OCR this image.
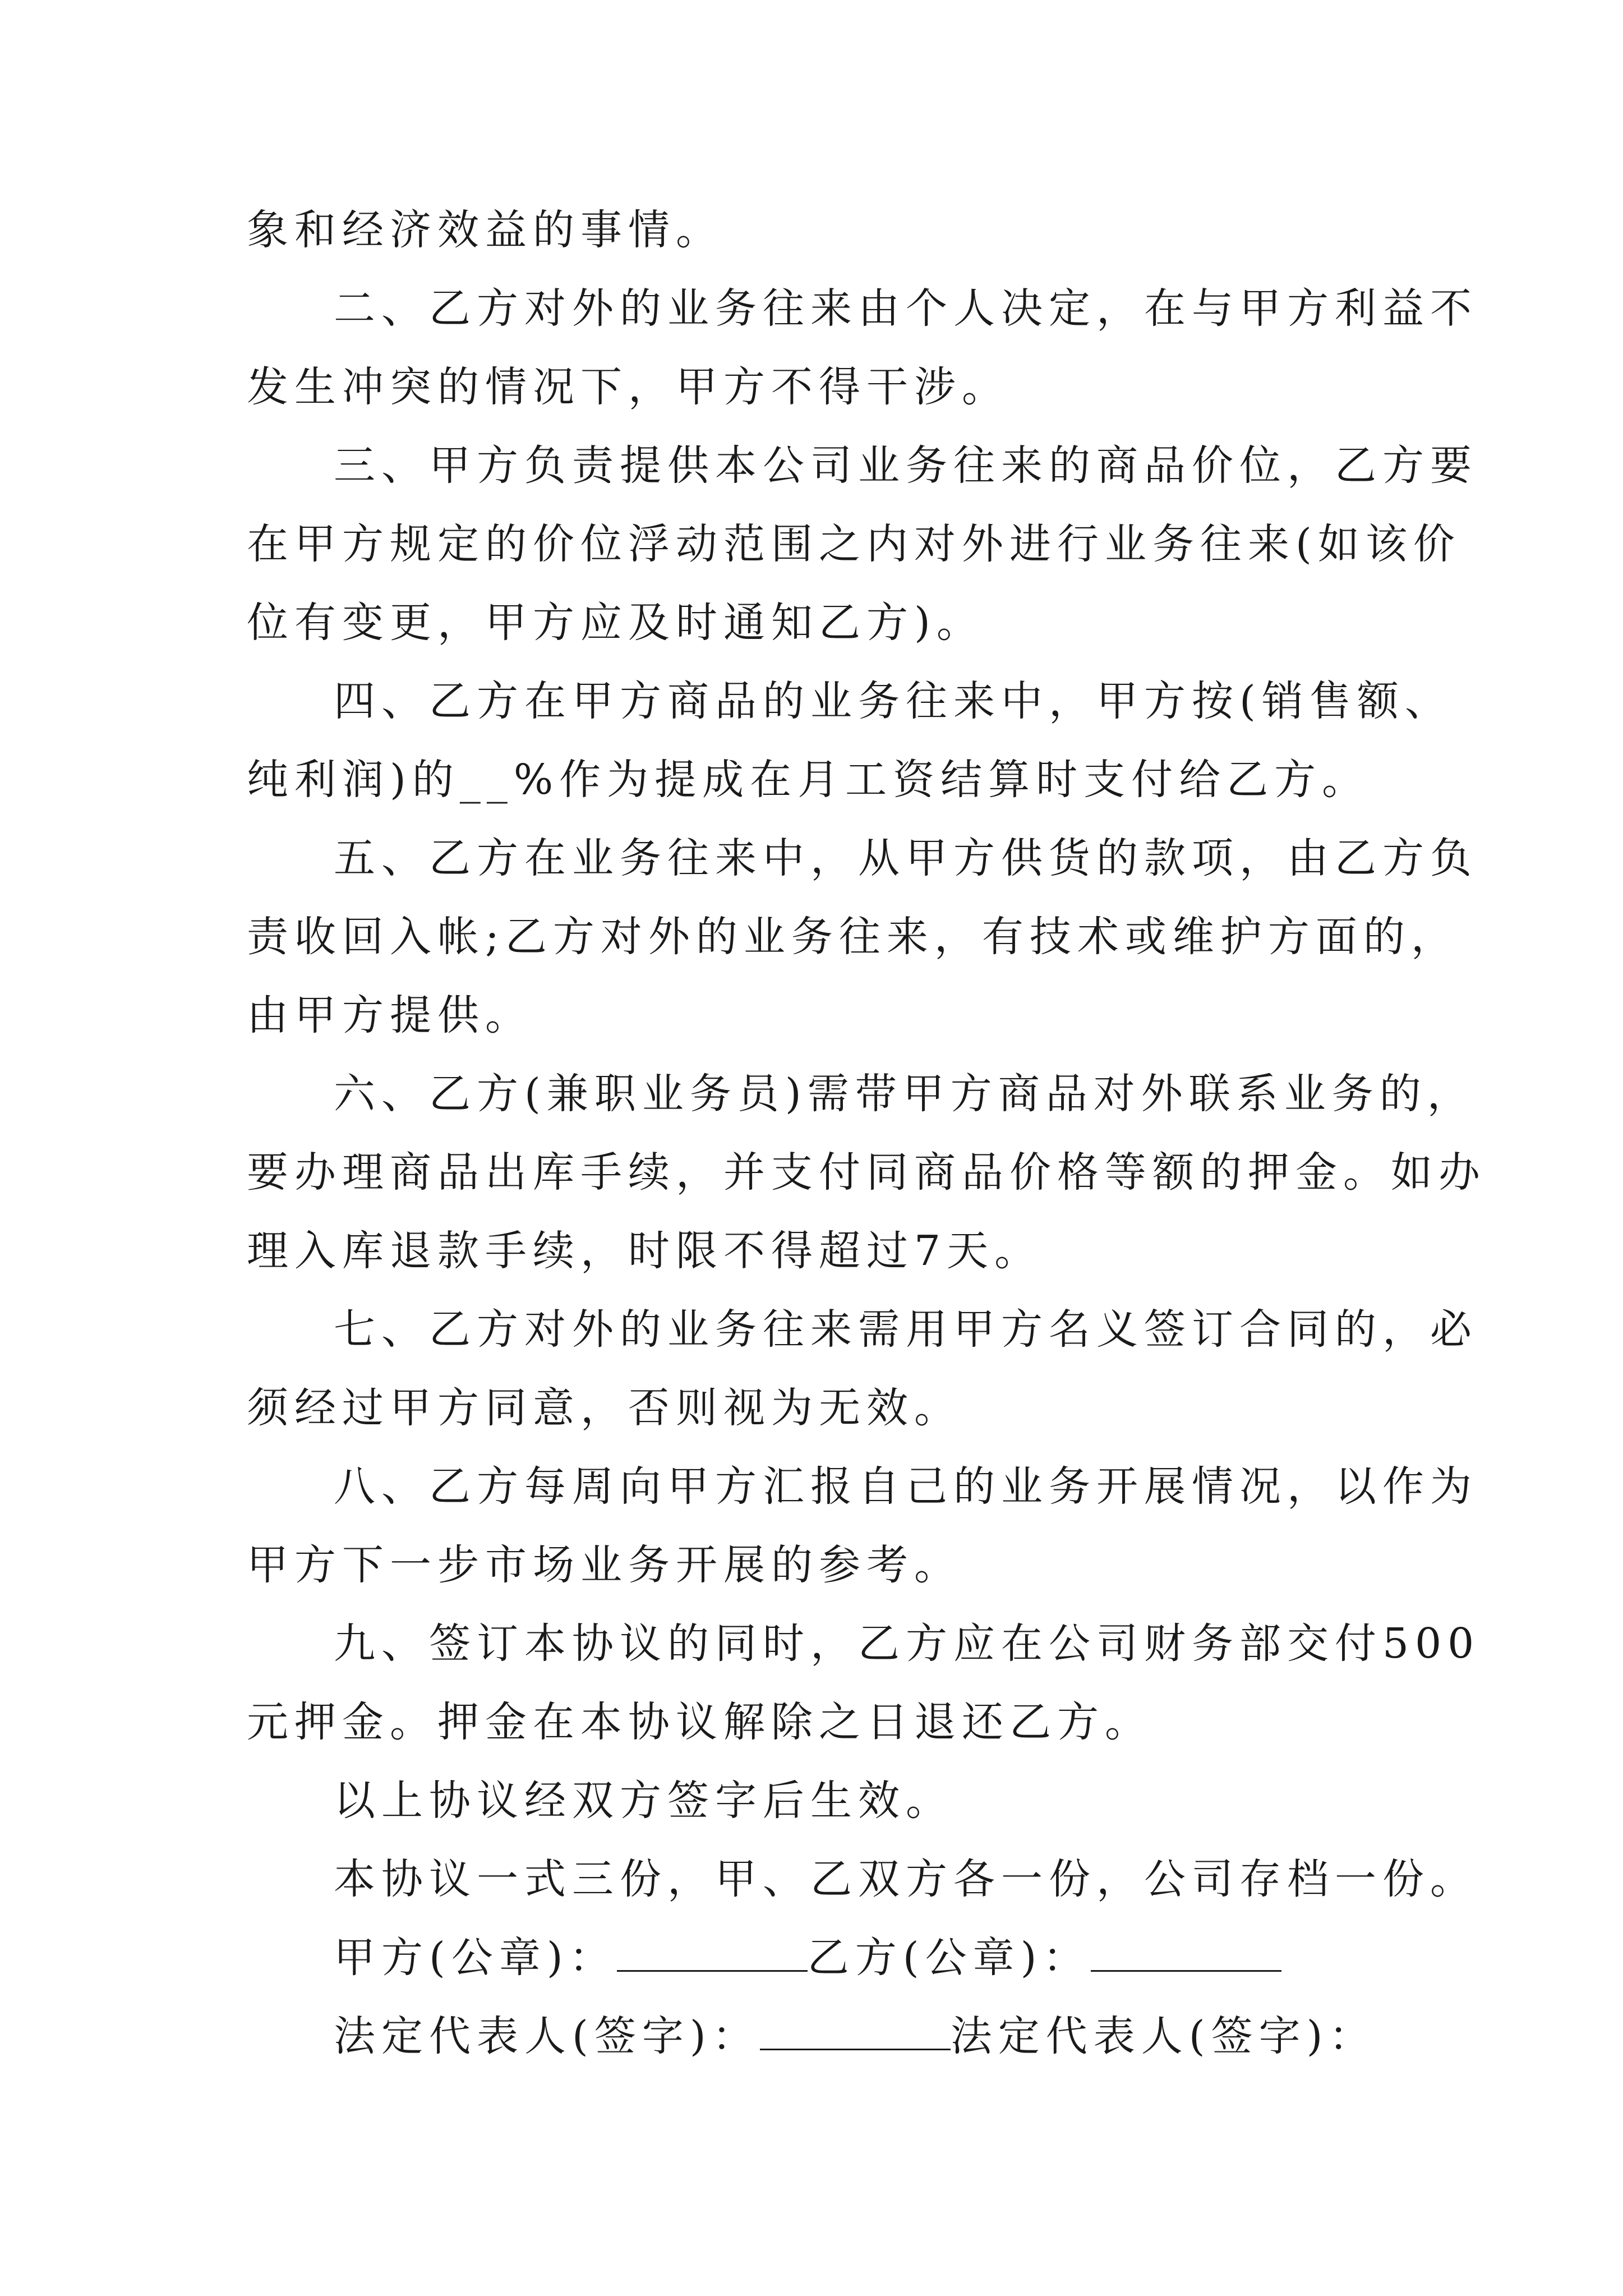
象和经济效益的事情。
二、乙方对外的业务往来由个人决定，在与甲方利益不
发生冲突的情况下，甲方不得干涉。
三、甲方负责提供本公司业务往来的商品价位，乙方要
在甲方规定的价位浮动范围之内对外进行业务往来(如该价
位有变更，甲方应及时通知乙方)。
四、乙方在甲方商品的业务往来中，甲方按(销售额、
纯利润)的__%作为提成在月工资结算时支付给乙方。
五、乙方在业务往来中，从甲方供货的款项，由乙方负
责收回入帐;乙方对外的业务往来，有技术或维护方面的，
由甲方提供。
六、乙方(兼职业务员)需带甲方商品对外联系业务的，
要办理商品出库手续，并支付同商品价格等额的押金。如办
理入库退款手续，时限不得超过7天。
七、乙方对外的业务往来需用甲方名义签订合同的，必
须经过甲方同意，否则视为无效。
八、乙方每周向甲方汇报自己的业务开展情况，以作为
甲方下一步市场业务开展的参考。
九、签订本协议的同时，乙方应在公司财务部交付500
元押金。押金在本协议解除之日退还乙方。
以上协议经双方签字后生效。
本协议一式三份，甲、乙双方各一份，公司存档一份。
甲方(公章)：	乙方(公章)：
法定代表人(签字)：	法定代表人(签字)：
